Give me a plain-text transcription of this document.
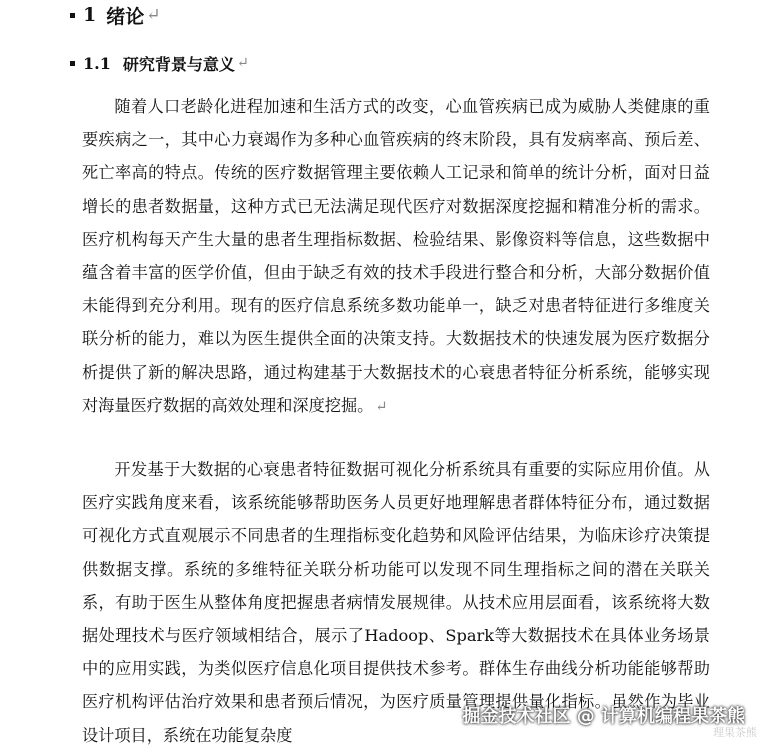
1 绪论 ↵
1.1 研究背景与意义 ↵

随着人口老龄化进程加速和生活方式的改变，心血管疾病已成为威胁人类健康的重要疾病之一，其中心力衰竭作为多种心血管疾病的终末阶段，具有发病率高、预后差、死亡率高的特点。传统的医疗数据管理主要依赖人工记录和简单的统计分析，面对日益增长的患者数据量，这种方式已无法满足现代医疗对数据深度挖掘和精准分析的需求。医疗机构每天产生大量的患者生理指标数据、检验结果、影像资料等信息，这些数据中蕴含着丰富的医学价值，但由于缺乏有效的技术手段进行整合和分析，大部分数据价值未能得到充分利用。现有的医疗信息系统多数功能单一，缺乏对患者特征进行多维度关联分析的能力，难以为医生提供全面的决策支持。大数据技术的快速发展为医疗数据分析提供了新的解决思路，通过构建基于大数据技术的心衰患者特征分析系统，能够实现对海量医疗数据的高效处理和深度挖掘。 ↵

开发基于大数据的心衰患者特征数据可视化分析系统具有重要的实际应用价值。从医疗实践角度来看，该系统能够帮助医务人员更好地理解患者群体特征分布，通过数据可视化方式直观展示不同患者的生理指标变化趋势和风险评估结果，为临床诊疗决策提供数据支撑。系统的多维特征关联分析功能可以发现不同生理指标之间的潜在关联关系，有助于医生从整体角度把握患者病情发展规律。从技术应用层面看，该系统将大数据处理技术与医疗领域相结合，展示了Hadoop、Spark等大数据技术在具体业务场景中的应用实践，为类似医疗信息化项目提供技术参考。群体生存曲线分析功能能够帮助医疗机构评估治疗效果和患者预后情况，为医疗质量管理提供量化指标。虽然作为毕业设计项目，系统在功能复杂度

掘金技术社区 @ 计算机编程果茶熊
理果茶熊
